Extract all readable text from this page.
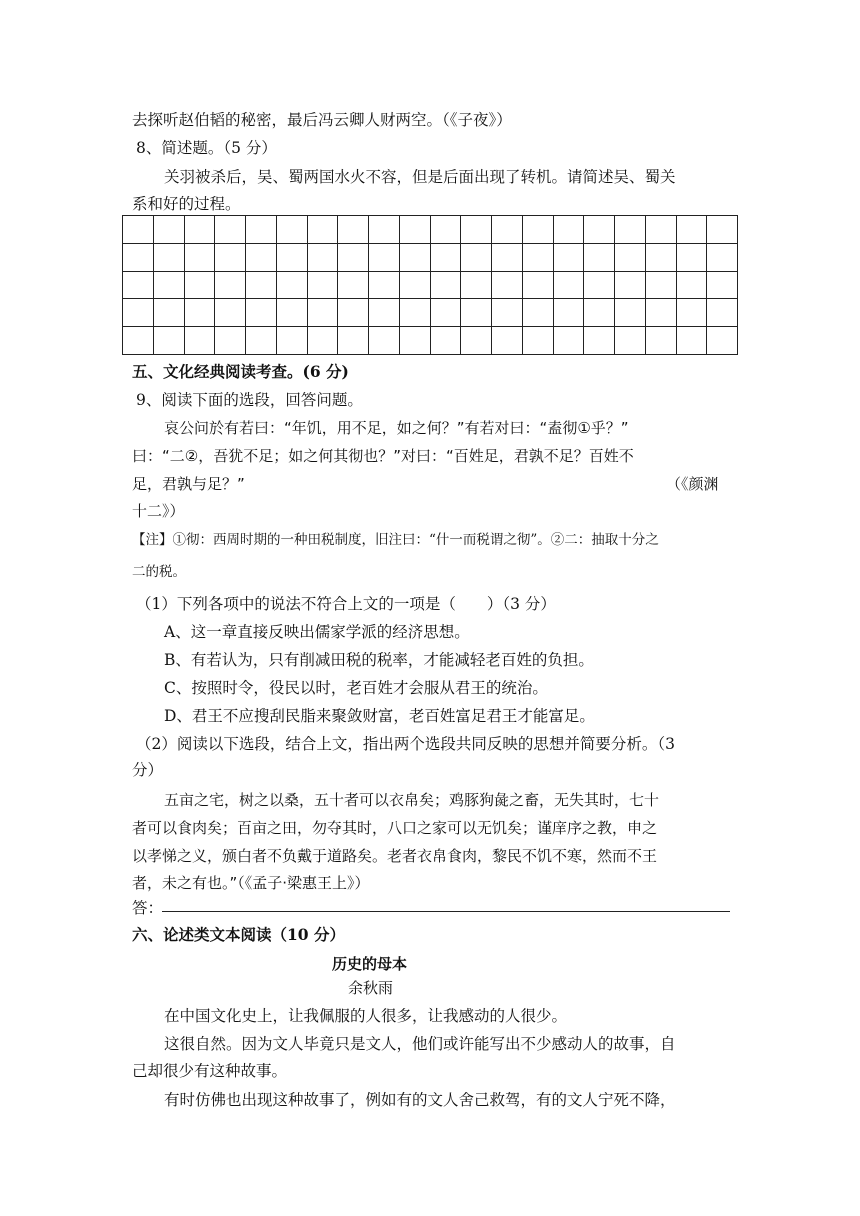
去探听赵伯韬的秘密，最后冯云卿人财两空。（《子夜》）
8、简述题。（5 分）
关羽被杀后，吴、蜀两国水火不容，但是后面出现了转机。请简述吴、蜀关
系和好的过程。
五、文化经典阅读考查。(6 分)
9、阅读下面的选段，回答问题。
哀公问於有若曰：“年饥，用不足，如之何？”有若对曰：“盍彻①乎？”
曰：“二②，吾犹不足；如之何其彻也？”对曰：“百姓足，君孰不足？百姓不
足，君孰与足？”	（《颜渊
十二》）
【注】①彻：西周时期的一种田税制度，旧注曰：“什一而税谓之彻”。②二：抽取十分之
二的税。
（1）下列各项中的说法不符合上文的一项是（　　）（3 分）
A、这一章直接反映出儒家学派的经济思想。
B、有若认为，只有削减田税的税率，才能减轻老百姓的负担。
C、按照时令，役民以时，老百姓才会服从君王的统治。
D、君王不应搜刮民脂来聚敛财富，老百姓富足君王才能富足。
（2）阅读以下选段，结合上文，指出两个选段共同反映的思想并简要分析。（3
分）
五亩之宅，树之以桑，五十者可以衣帛矣；鸡豚狗彘之畜，无失其时，七十
者可以食肉矣；百亩之田，勿夺其时，八口之家可以无饥矣；谨庠序之教，申之
以孝悌之义，颁白者不负戴于道路矣。老者衣帛食肉，黎民不饥不寒，然而不王
者，未之有也。”（《孟子·梁惠王上》）
答：
六、论述类文本阅读（10 分）
历史的母本
余秋雨
在中国文化史上，让我佩服的人很多，让我感动的人很少。
这很自然。因为文人毕竟只是文人，他们或许能写出不少感动人的故事，自
己却很少有这种故事。
有时仿佛也出现这种故事了，例如有的文人舍己救驾，有的文人宁死不降，
